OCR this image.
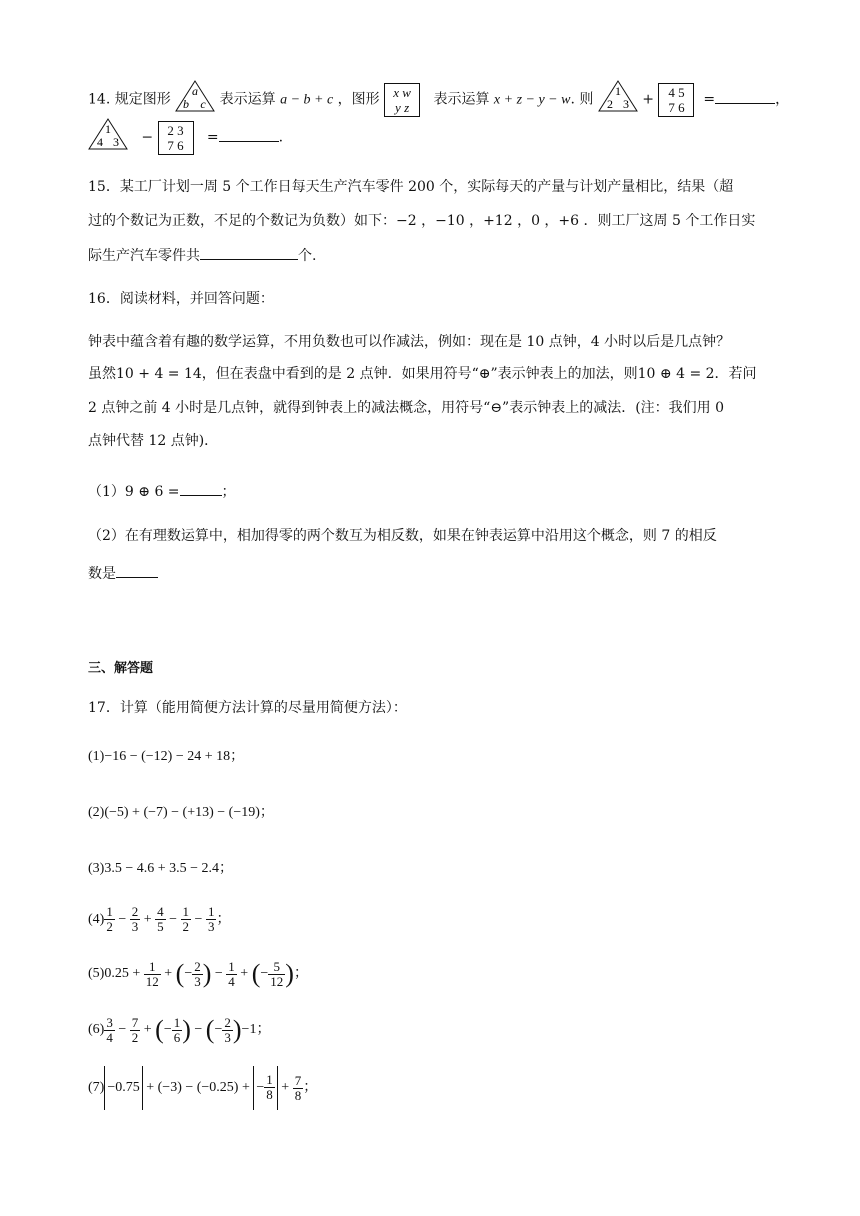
14. 规定图形
a
b c 表示运算 a − b + c ，图形 x w
y z 表示运算 x + z − y − w. 则
1
2 3 + 4 5
7 6 =	，
1
4 3 − 2 3
7 6 =	.
15．某工厂计划一周 5 个工作日每天生产汽车零件 200 个，实际每天的产量与计划产量相比，结果（超
过的个数记为正数，不足的个数记为负数）如下：−2 ，−10 ，+12 ，0 ，+6 ．则工厂这周 5 个工作日实
际生产汽车零件共	个.
16．阅读材料，并回答问题：
钟表中蕴含着有趣的数学运算，不用负数也可以作减法，例如：现在是 10 点钟，4 小时以后是几点钟？
虽然10 + 4 = 14，但在表盘中看到的是 2 点钟．如果用符号“⊕”表示钟表上的加法，则10 ⊕ 4 = 2．若问
2 点钟之前 4 小时是几点钟，就得到钟表上的减法概念，用符号“⊖”表示钟表上的减法．(注：我们用 0
点钟代替 12 点钟)．
（1）9 ⊕ 6 =	；
（2）在有理数运算中，相加得零的两个数互为相反数，如果在钟表运算中沿用这个概念，则 7 的相反
数是
三、解答题
17．计算（能用简便方法计算的尽量用简便方法）：
(1)−16 − (−12) − 24 + 18；
(2)(−5) + (−7) − (+13) − (−19)；
(3)3.5 − 4.6 + 3.5 − 2.4；
$(4) \frac{1}{2} - \frac{2}{3} + \frac{4}{5} - \frac{1}{2} - \frac{1}{3}$ ；
$(5)0.25 + \frac{1}{12}$ + (− $\frac{2}{3}$ ) − $\frac{1}{4}$ + (− $\frac{5}{12}$ )；
$(6) \frac{3}{4} - \frac{7}{2}$ + (− $\frac{1}{6}$ ) − (− $\frac{2}{3} )-1$；
(7) −0.75 + (−3) − (−0.25) + − $\frac{1}{8} + \frac{7}{8}$ ；
